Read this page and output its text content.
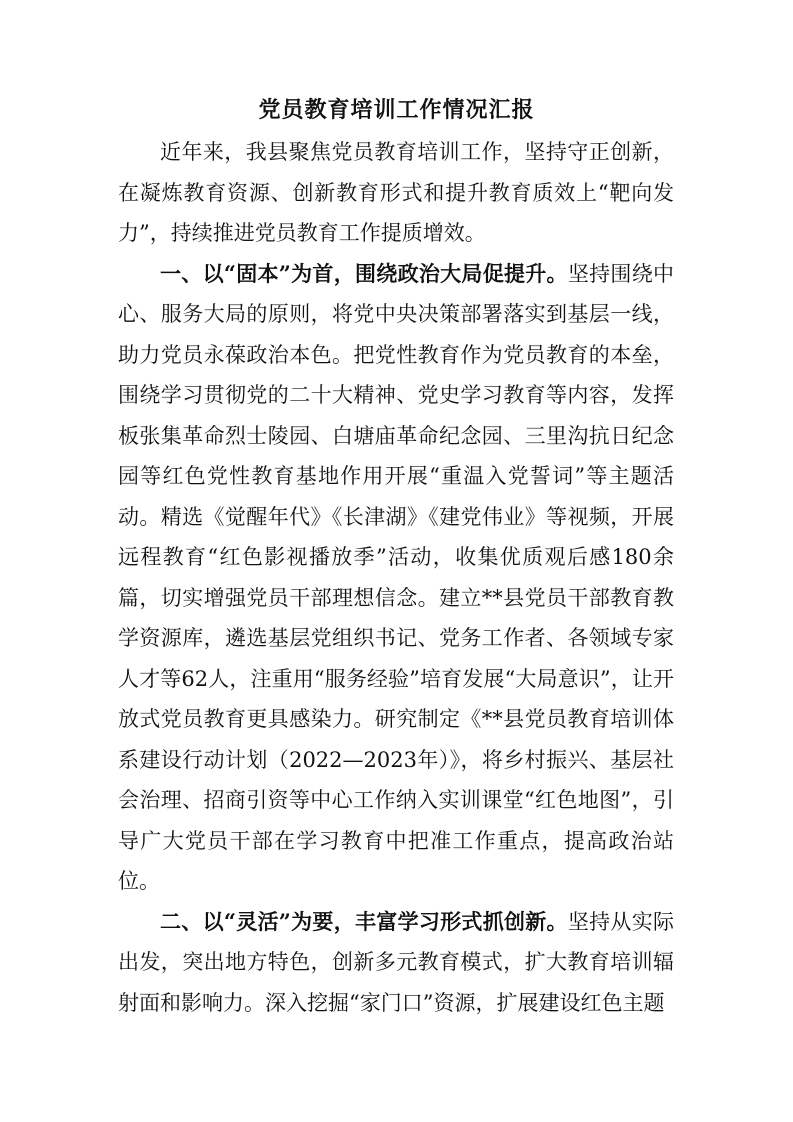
党员教育培训工作情况汇报

近年来，我县聚焦党员教育培训工作，坚持守正创新，在凝炼教育资源、创新教育形式和提升教育质效上“靶向发力”，持续推进党员教育工作提质增效。

一、以“固本”为首，围绕政治大局促提升。坚持围绕中心、服务大局的原则，将党中央决策部署落实到基层一线，助力党员永葆政治本色。把党性教育作为党员教育的本垒，围绕学习贯彻党的二十大精神、党史学习教育等内容，发挥板张集革命烈士陵园、白塘庙革命纪念园、三里沟抗日纪念园等红色党性教育基地作用开展“重温入党誓词”等主题活动。精选《觉醒年代》《长津湖》《建党伟业》等视频，开展远程教育“红色影视播放季”活动，收集优质观后感180余篇，切实增强党员干部理想信念。建立**县党员干部教育教学资源库，遴选基层党组织书记、党务工作者、各领域专家人才等62人，注重用“服务经验”培育发展“大局意识”，让开放式党员教育更具感染力。研究制定《**县党员教育培训体系建设行动计划（2022—2023年）》，将乡村振兴、基层社会治理、招商引资等中心工作纳入实训课堂“红色地图”，引导广大党员干部在学习教育中把准工作重点，提高政治站位。

二、以“灵活”为要，丰富学习形式抓创新。坚持从实际出发，突出地方特色，创新多元教育模式，扩大教育培训辐射面和影响力。深入挖掘“家门口”资源，扩展建设红色主题
